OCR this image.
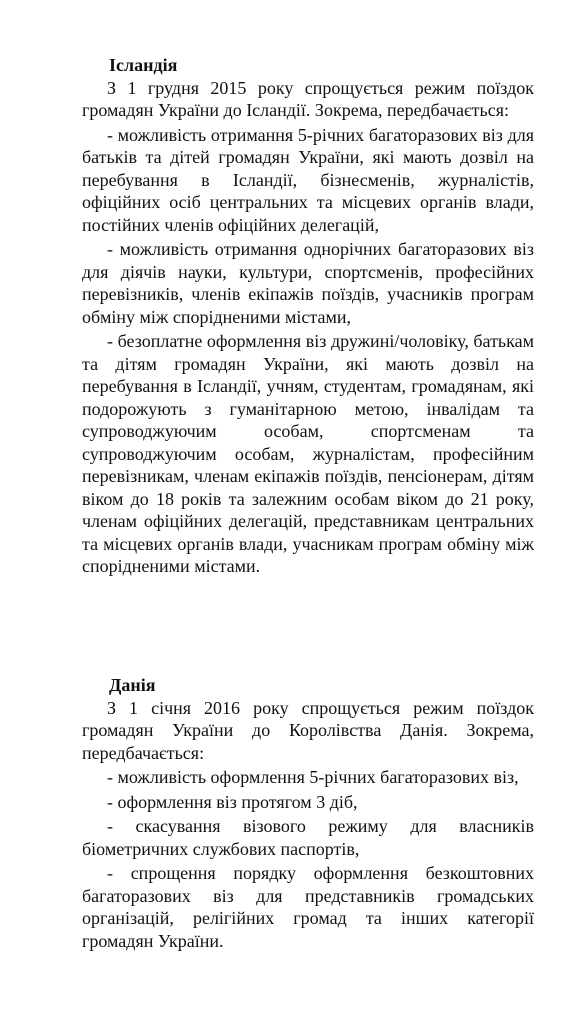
Ісландія

З 1 грудня 2015 року спрощується режим поїздок громадян України до Ісландії. Зокрема, передбачається:

- можливість отримання 5-річних багаторазових віз для батьків та дітей громадян України, які мають дозвіл на перебування в Ісландії, бізнесменів, журналістів, офіційних осіб центральних та місцевих органів влади, постійних членів офіційних делегацій,

- можливість отримання однорічних багаторазових віз для діячів науки, культури, спортсменів, професійних перевізників, членів екіпажів поїздів, учасників програм обміну між спорідненими містами,

- безоплатне оформлення віз дружині/чоловіку, батькам та дітям громадян України, які мають дозвіл на перебування в Ісландії, учням, студентам, громадянам, які подорожують з гуманітарною метою, інвалідам та супроводжуючим особам, спортсменам та супроводжуючим особам, журналістам, професійним перевізникам, членам екіпажів поїздів, пенсіонерам, дітям віком до 18 років та залежним особам віком до 21 року, членам офіційних делегацій, представникам центральних та місцевих органів влади, учасникам програм обміну між спорідненими містами.

Данія

З 1 січня 2016 року спрощується режим поїздок громадян України до Королівства Данія. Зокрема, передбачається:

- можливість оформлення 5-річних багаторазових віз,

- оформлення віз протягом 3 діб,

- скасування візового режиму для власників біометричних службових паспортів,

- спрощення порядку оформлення безкоштовних багаторазових віз для представників громадських організацій, релігійних громад та інших категорії громадян України.
